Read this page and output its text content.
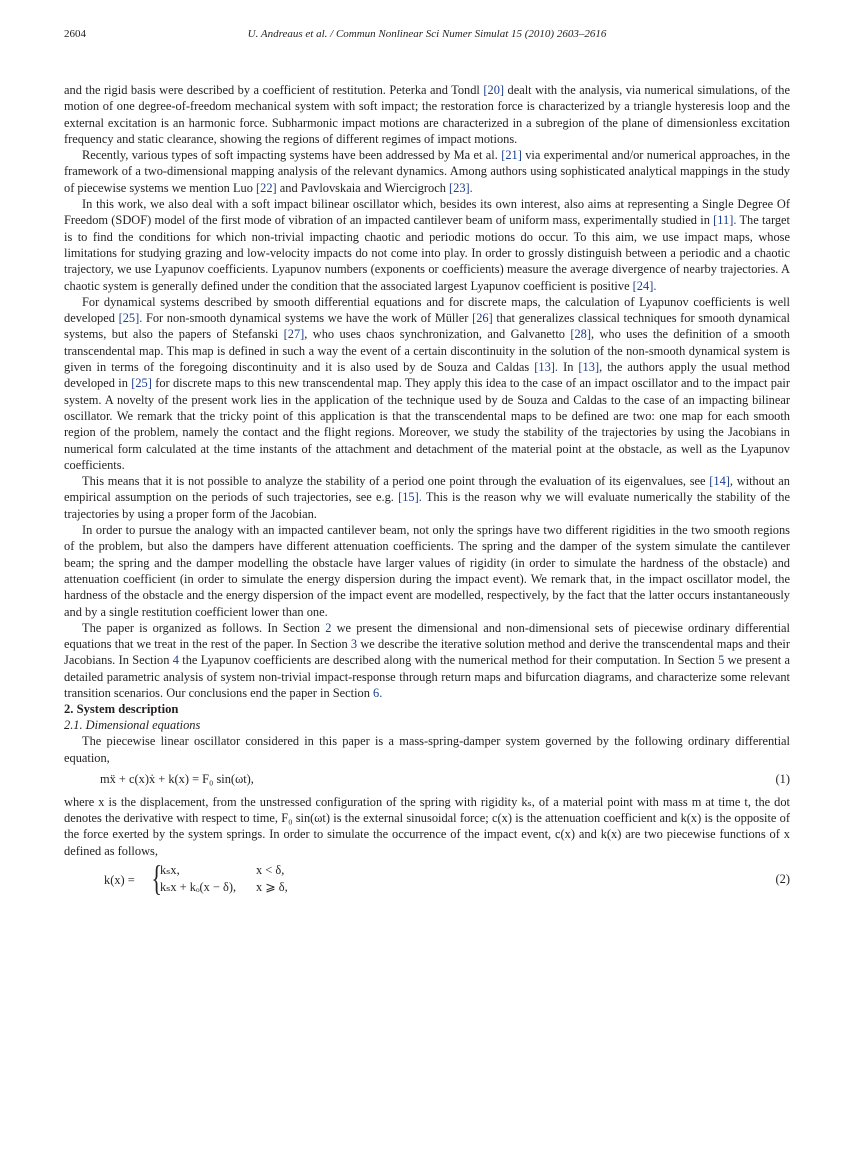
2604	U. Andreaus et al. / Commun Nonlinear Sci Numer Simulat 15 (2010) 2603–2616

and the rigid basis were described by a coefficient of restitution. Peterka and Tondl [20] dealt with the analysis, via numerical simulations, of the motion of one degree-of-freedom mechanical system with soft impact; the restoration force is characterized by a triangle hysteresis loop and the external excitation is an harmonic force. Subharmonic impact motions are characterized in a subregion of the plane of dimensionless excitation frequency and static clearance, showing the regions of different regimes of impact motions.

Recently, various types of soft impacting systems have been addressed by Ma et al. [21] via experimental and/or numerical approaches, in the framework of a two-dimensional mapping analysis of the relevant dynamics. Among authors using sophisticated analytical mappings in the study of piecewise systems we mention Luo [22] and Pavlovskaia and Wiercigroch [23].

In this work, we also deal with a soft impact bilinear oscillator which, besides its own interest, also aims at representing a Single Degree Of Freedom (SDOF) model of the first mode of vibration of an impacted cantilever beam of uniform mass, experimentally studied in [11]. The target is to find the conditions for which non-trivial impacting chaotic and periodic motions do occur. To this aim, we use impact maps, whose limitations for studying grazing and low-velocity impacts do not come into play. In order to grossly distinguish between a periodic and a chaotic trajectory, we use Lyapunov coefficients. Lyapunov numbers (exponents or coefficients) measure the average divergence of nearby trajectories. A chaotic system is generally defined under the condition that the associated largest Lyapunov coefficient is positive [24].

For dynamical systems described by smooth differential equations and for discrete maps, the calculation of Lyapunov coefficients is well developed [25]. For non-smooth dynamical systems we have the work of Müller [26] that generalizes classical techniques for smooth dynamical systems, but also the papers of Stefanski [27], who uses chaos synchronization, and Galvanetto [28], who uses the definition of a smooth transcendental map. This map is defined in such a way the event of a certain discontinuity in the solution of the non-smooth dynamical system is given in terms of the foregoing discontinuity and it is also used by de Souza and Caldas [13]. In [13], the authors apply the usual method developed in [25] for discrete maps to this new transcendental map. They apply this idea to the case of an impact oscillator and to the impact pair system. A novelty of the present work lies in the application of the technique used by de Souza and Caldas to the case of an impacting bilinear oscillator. We remark that the tricky point of this application is that the transcendental maps to be defined are two: one map for each smooth region of the problem, namely the contact and the flight regions. Moreover, we study the stability of the trajectories by using the Jacobians in numerical form calculated at the time instants of the attachment and detachment of the material point at the obstacle, as well as the Lyapunov coefficients.

This means that it is not possible to analyze the stability of a period one point through the evaluation of its eigenvalues, see [14], without an empirical assumption on the periods of such trajectories, see e.g. [15]. This is the reason why we will evaluate numerically the stability of the trajectories by using a proper form of the Jacobian.

In order to pursue the analogy with an impacted cantilever beam, not only the springs have two different rigidities in the two smooth regions of the problem, but also the dampers have different attenuation coefficients. The spring and the damper of the system simulate the cantilever beam; the spring and the damper modelling the obstacle have larger values of rigidity (in order to simulate the hardness of the obstacle) and attenuation coefficient (in order to simulate the energy dispersion during the impact event). We remark that, in the impact oscillator model, the hardness of the obstacle and the energy dispersion of the impact event are modelled, respectively, by the fact that the latter occurs instantaneously and by a single restitution coefficient lower than one.

The paper is organized as follows. In Section 2 we present the dimensional and non-dimensional sets of piecewise ordinary differential equations that we treat in the rest of the paper. In Section 3 we describe the iterative solution method and derive the transcendental maps and their Jacobians. In Section 4 the Lyapunov coefficients are described along with the numerical method for their computation. In Section 5 we present a detailed parametric analysis of system non-trivial impact-response through return maps and bifurcation diagrams, and characterize some relevant transition scenarios. Our conclusions end the paper in Section 6.

2. System description

2.1. Dimensional equations

The piecewise linear oscillator considered in this paper is a mass-spring-damper system governed by the following ordinary differential equation,

mẍ + c(x)ẋ + k(x) = F₀ sin(ωt),	(1)

where x is the displacement, from the unstressed configuration of the spring with rigidity kₛ, of a material point with mass m at time t, the dot denotes the derivative with respect to time, F₀ sin(ωt) is the external sinusoidal force; c(x) is the attenuation coefficient and k(x) is the opposite of the force exerted by the system springs. In order to simulate the occurrence of the impact event, c(x) and k(x) are two piecewise functions of x defined as follows,

k(x) = {
kₛx,	x < δ,
kₛx + kₒ(x − δ), x ⩾ δ,
(2)
